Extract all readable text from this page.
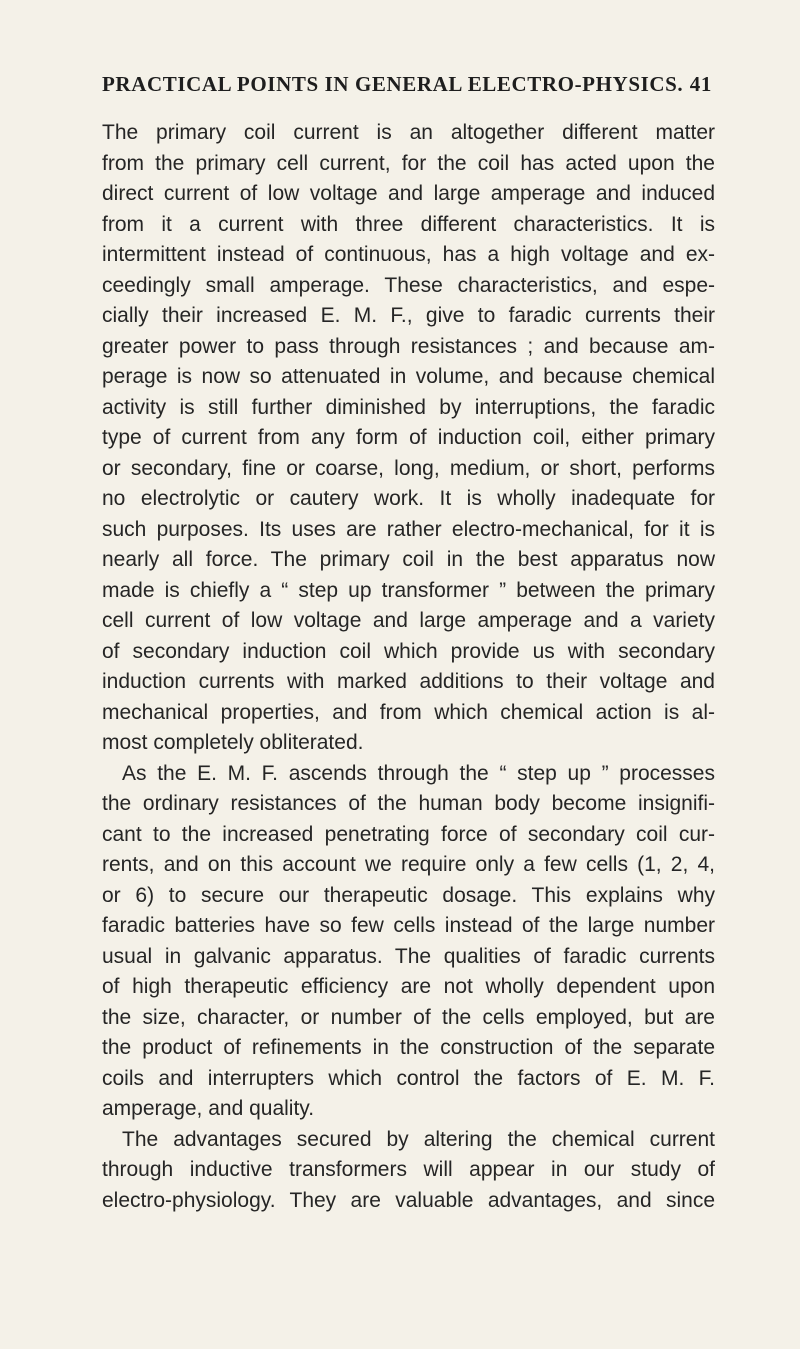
PRACTICAL POINTS IN GENERAL ELECTRO-PHYSICS. 41

The primary coil current is an altogether different matter
from the primary cell current, for the coil has acted upon the
direct current of low voltage and large amperage and induced
from it a current with three different characteristics. It is
intermittent instead of continuous, has a high voltage and ex-
ceedingly small amperage. These characteristics, and espe-
cially their increased E. M. F., give to faradic currents their
greater power to pass through resistances ; and because am-
perage is now so attenuated in volume, and because chemical
activity is still further diminished by interruptions, the faradic
type of current from any form of induction coil, either primary
or secondary, fine or coarse, long, medium, or short, performs
no electrolytic or cautery work. It is wholly inadequate for
such purposes. Its uses are rather electro-mechanical, for it is
nearly all force. The primary coil in the best apparatus now
made is chiefly a “ step up transformer ” between the primary
cell current of low voltage and large amperage and a variety
of secondary induction coil which provide us with secondary
induction currents with marked additions to their voltage and
mechanical properties, and from which chemical action is al-
most completely obliterated.

As the E. M. F. ascends through the “ step up ” processes
the ordinary resistances of the human body become insignifi-
cant to the increased penetrating force of secondary coil cur-
rents, and on this account we require only a few cells (1, 2, 4,
or 6) to secure our therapeutic dosage. This explains why
faradic batteries have so few cells instead of the large number
usual in galvanic apparatus. The qualities of faradic currents
of high therapeutic efficiency are not wholly dependent upon
the size, character, or number of the cells employed, but are
the product of refinements in the construction of the separate
coils and interrupters which control the factors of E. M. F.
amperage, and quality.

The advantages secured by altering the chemical current
through inductive transformers will appear in our study of
electro-physiology. They are valuable advantages, and since
